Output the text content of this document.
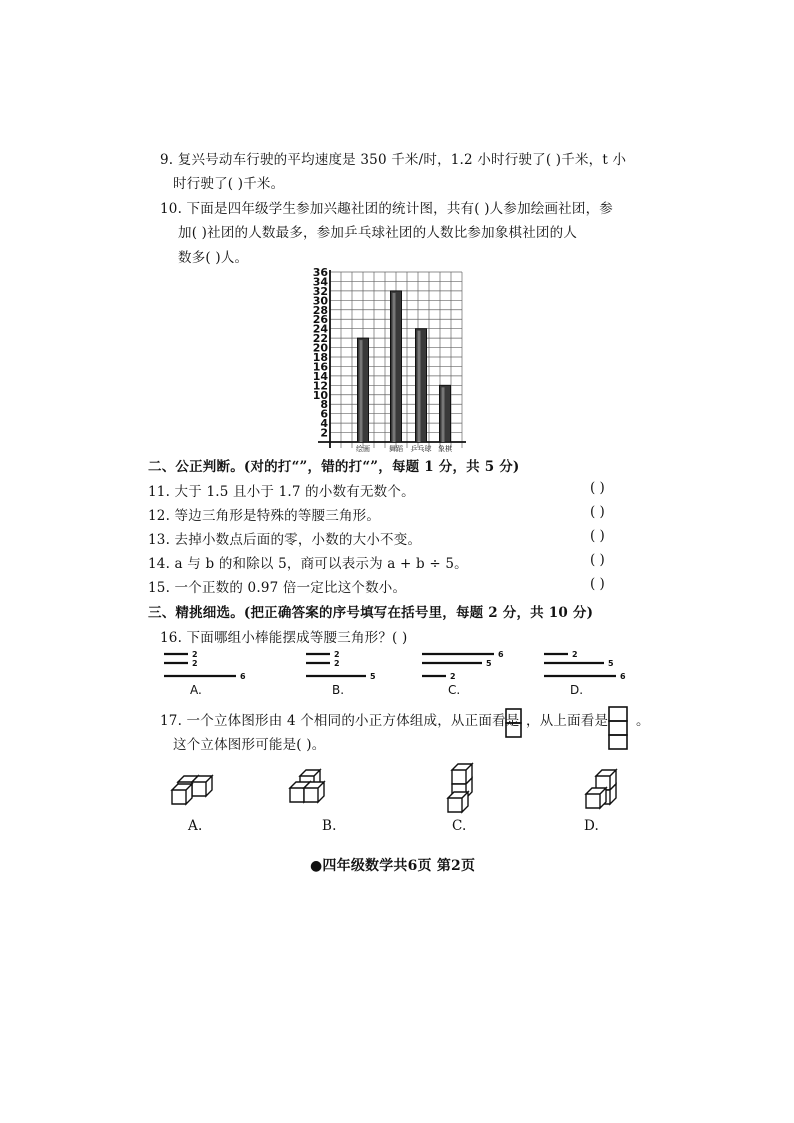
9. 复兴号动车行驶的平均速度是 350 千米/时，1.2 小时行驶了( )千米，t 小
时行驶了( )千米。
10. 下面是四年级学生参加兴趣社团的统计图，共有( )人参加绘画社团，参
加( )社团的人数最多，参加乒乓球社团的人数比参加象棋社团的人
数多( )人。
2
4
6
8
10
12
14
16
18
20
22
24
26
28
30
32
34
36
绘画	舞蹈 乒乓球 象棋
二、公正判断。(对的打“”，错的打“”，每题 1 分，共 5 分)
11. 大于 1.5 且小于 1.7 的小数有无数个。	( )
12. 等边三角形是特殊的等腰三角形。	( )
13. 去掉小数点后面的零，小数的大小不变。	( )
14. a 与 b 的和除以 5，商可以表示为 a + b ÷ 5。	( )
15. 一个正数的 0.97 倍一定比这个数小。	( )
三、精挑细选。(把正确答案的序号填写在括号里，每题 2 分，共 10 分)
16. 下面哪组小棒能摆成等腰三角形？( )
2
2
6
A.
2
2
5
B.
6
5
2
C.
2
5
6
D.
17. 一个立体图形由 4 个相同的小正方体组成，从正面看是 ，从上面看是 。
这个立体图形可能是( )。
A.	B.	C.	D.
●四年级数学共6页 第2页
